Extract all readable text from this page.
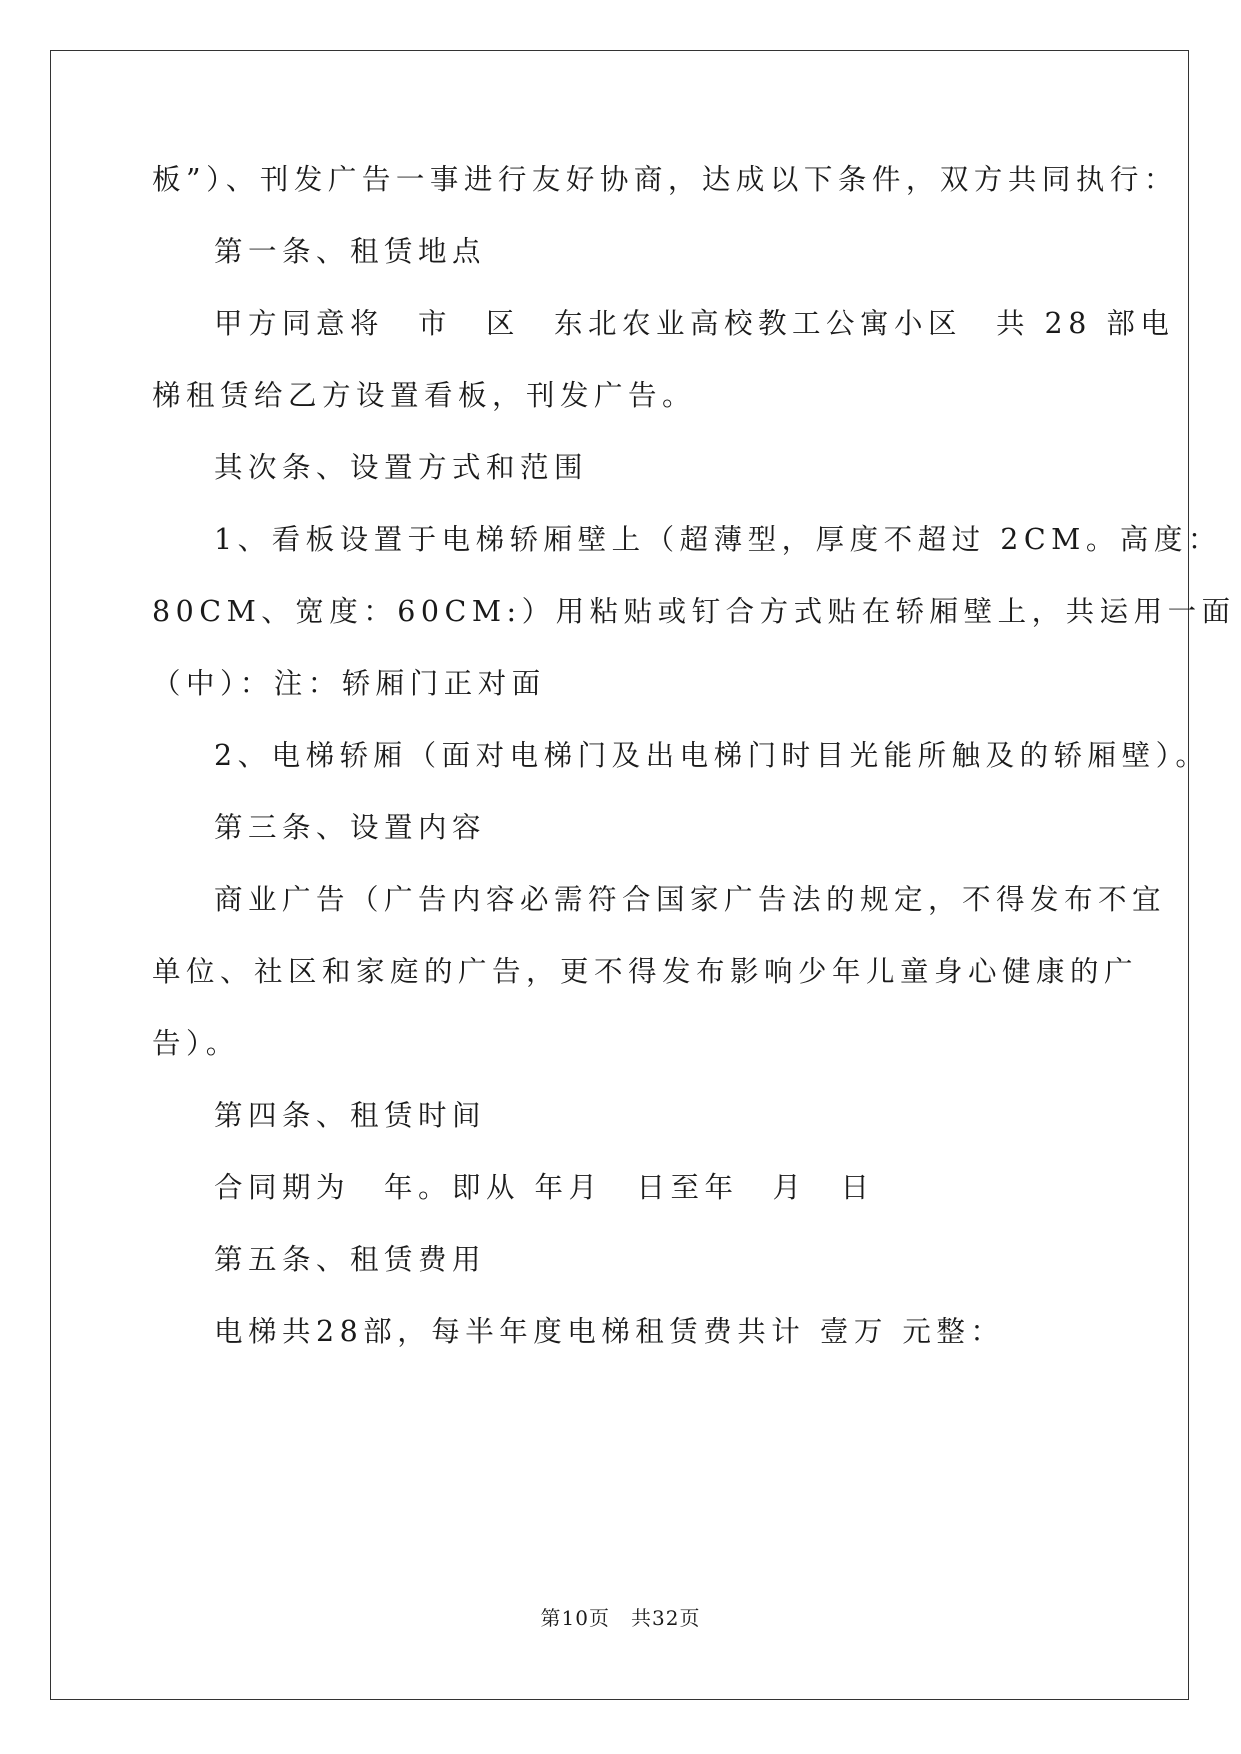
板”）、刊发广告一事进行友好协商，达成以下条件，双方共同执行：
第一条、租赁地点
甲方同意将　市　区　东北农业高校教工公寓小区　共 28 部电
梯租赁给乙方设置看板，刊发广告。
其次条、设置方式和范围
1、看板设置于电梯轿厢壁上（超薄型，厚度不超过 2CM。高度：
80CM、宽度：60CM:）用粘贴或钉合方式贴在轿厢壁上，共运用一面
（中）：注：轿厢门正对面
2、电梯轿厢（面对电梯门及出电梯门时目光能所触及的轿厢壁）。
第三条、设置内容
商业广告（广告内容必需符合国家广告法的规定，不得发布不宜
单位、社区和家庭的广告，更不得发布影响少年儿童身心健康的广
告）。
第四条、租赁时间
合同期为　年。即从 年月　日至年　月　日
第五条、租赁费用
电梯共28部，每半年度电梯租赁费共计 壹万 元整：
第10页　共32页
